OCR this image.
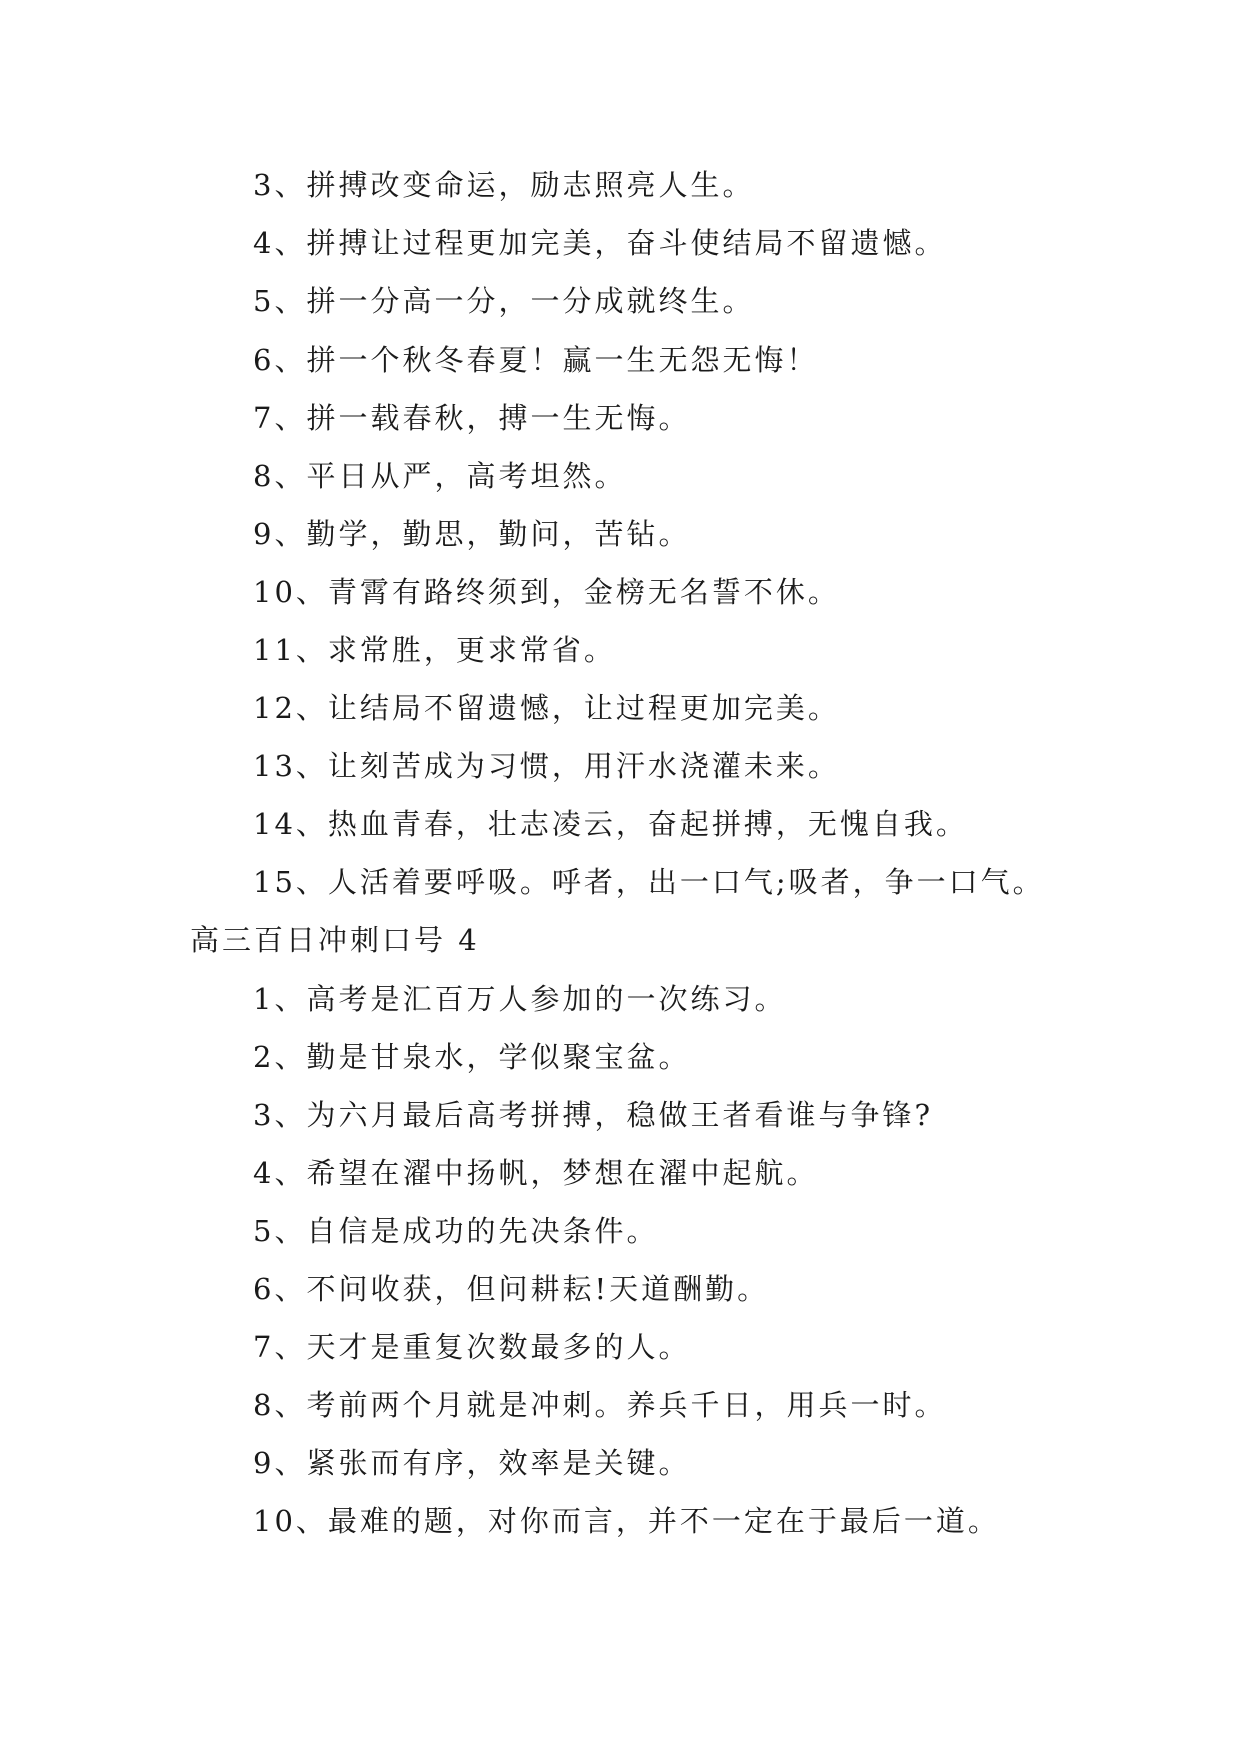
3、拼搏改变命运，励志照亮人生。
4、拼搏让过程更加完美，奋斗使结局不留遗憾。
5、拼一分高一分，一分成就终生。
6、拼一个秋冬春夏！赢一生无怨无悔！
7、拼一载春秋，搏一生无悔。
8、平日从严，高考坦然。
9、勤学，勤思，勤问，苦钻。
10、青霄有路终须到，金榜无名誓不休。
11、求常胜，更求常省。
12、让结局不留遗憾，让过程更加完美。
13、让刻苦成为习惯，用汗水浇灌未来。
14、热血青春，壮志凌云，奋起拼搏，无愧自我。
15、人活着要呼吸。呼者，出一口气;吸者，争一口气。
高三百日冲刺口号 4
1、高考是汇百万人参加的一次练习。
2、勤是甘泉水，学似聚宝盆。
3、为六月最后高考拼搏，稳做王者看谁与争锋?
4、希望在濯中扬帆，梦想在濯中起航。
5、自信是成功的先决条件。
6、不问收获，但问耕耘!天道酬勤。
7、天才是重复次数最多的人。
8、考前两个月就是冲刺。养兵千日，用兵一时。
9、紧张而有序，效率是关键。
10、最难的题，对你而言，并不一定在于最后一道。
